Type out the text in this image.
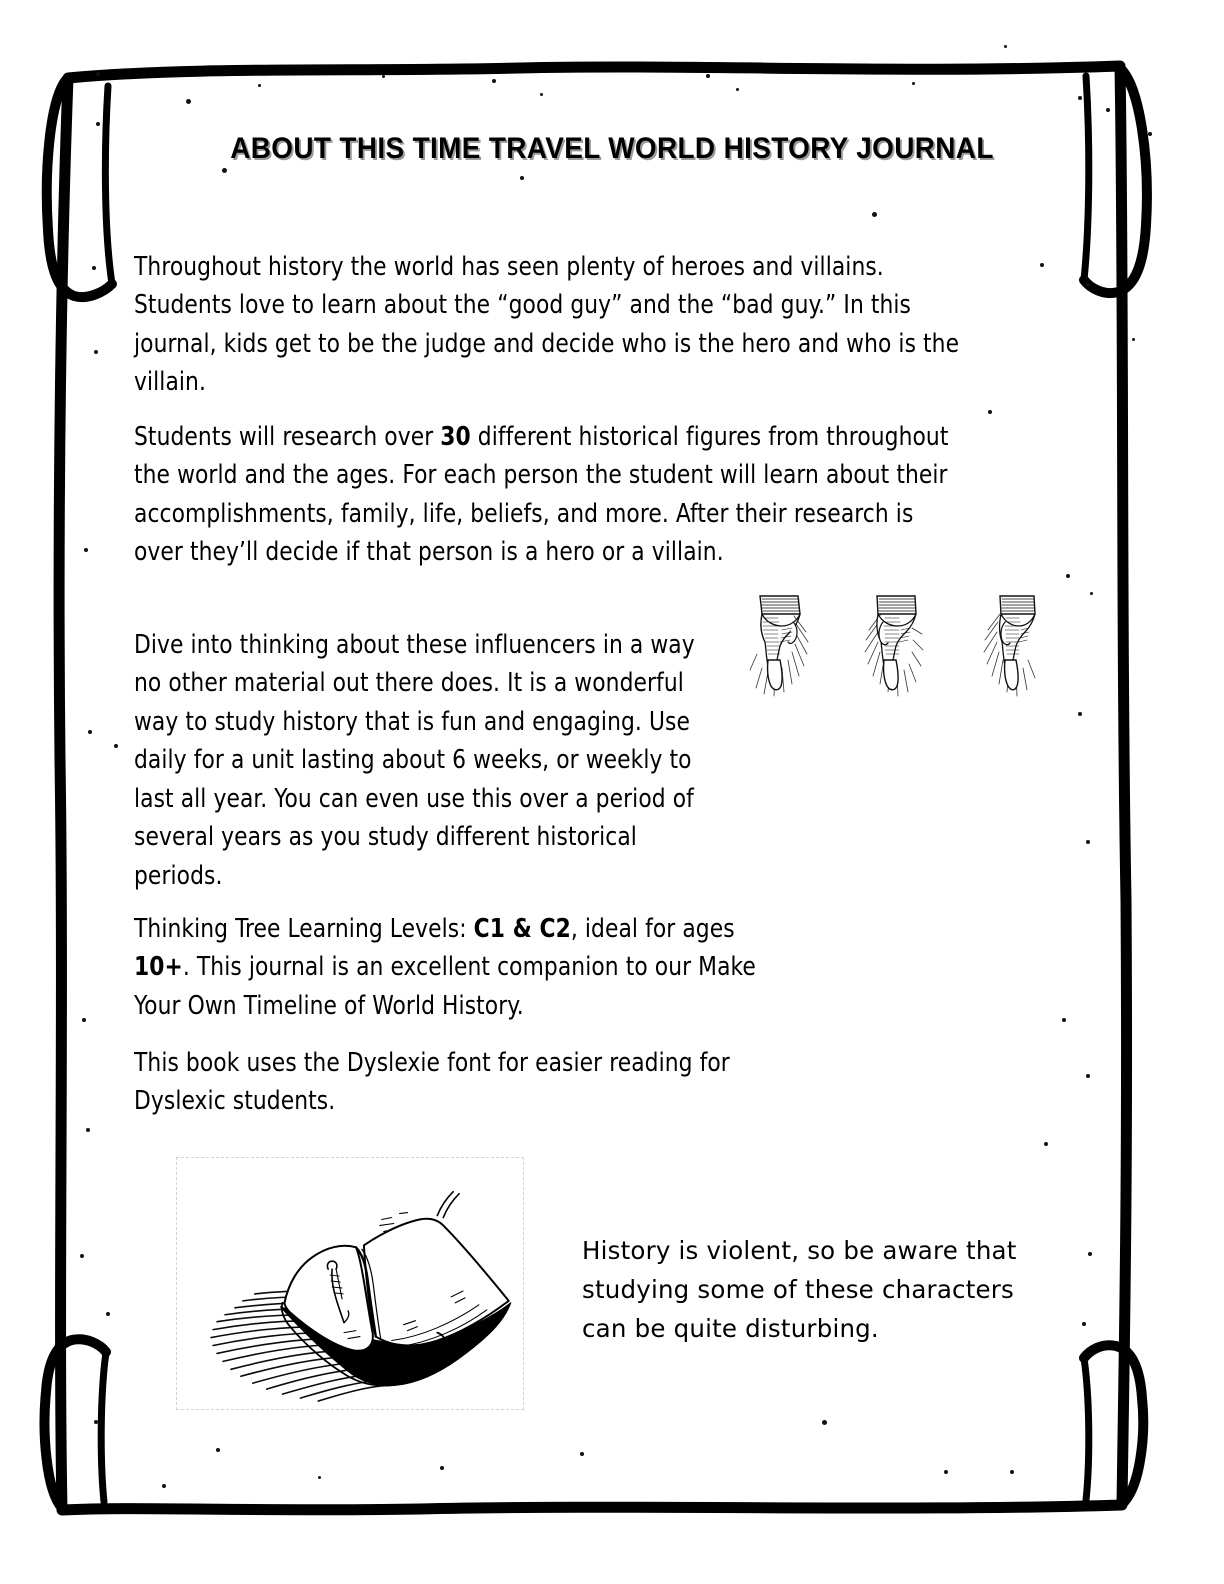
ABOUT THIS TIME TRAVEL WORLD HISTORY JOURNAL

Throughout history the world has seen plenty of heroes and villains. Students love to learn about the “good guy” and the “bad guy.” In this journal, kids get to be the judge and decide who is the hero and who is the villain.

Students will research over 30 different historical figures from throughout the world and the ages. For each person the student will learn about their accomplishments, family, life, beliefs, and more. After their research is over they’ll decide if that person is a hero or a villain.

Dive into thinking about these influencers in a way no other material out there does. It is a wonderful way to study history that is fun and engaging. Use daily for a unit lasting about 6 weeks, or weekly to last all year. You can even use this over a period of several years as you study different historical periods.

Thinking Tree Learning Levels: C1 & C2, ideal for ages 10+. This journal is an excellent companion to our Make Your Own Timeline of World History.

This book uses the Dyslexie font for easier reading for Dyslexic students.

History is violent, so be aware that studying some of these characters can be quite disturbing.
